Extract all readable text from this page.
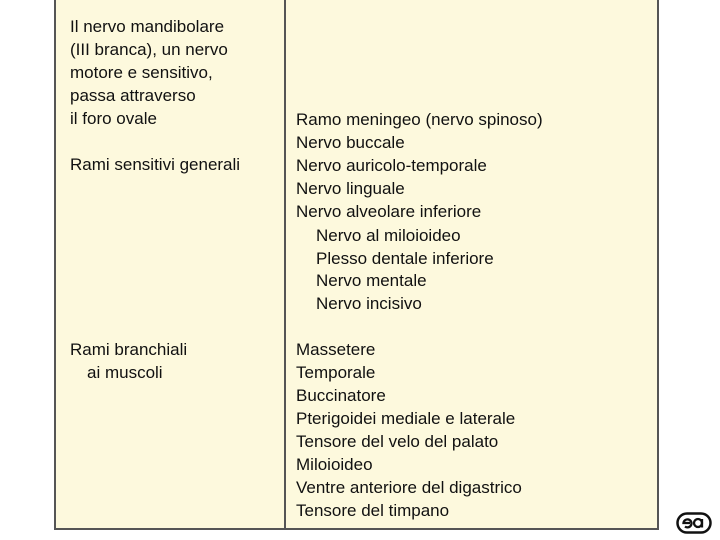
Il nervo mandibolare
(III branca), un nervo
motore e sensitivo,
passa attraverso
il foro ovale
Rami sensitivi generali
Rami branchiali
ai muscoli
Ramo meningeo (nervo spinoso)
Nervo buccale
Nervo auricolo-temporale
Nervo linguale
Nervo alveolare inferiore
Nervo al miloioideo
Plesso dentale inferiore
Nervo mentale
Nervo incisivo
Massetere
Temporale
Buccinatore
Pterigoidei mediale e laterale
Tensore del velo del palato
Miloioideo
Ventre anteriore del digastrico
Tensore del timpano
